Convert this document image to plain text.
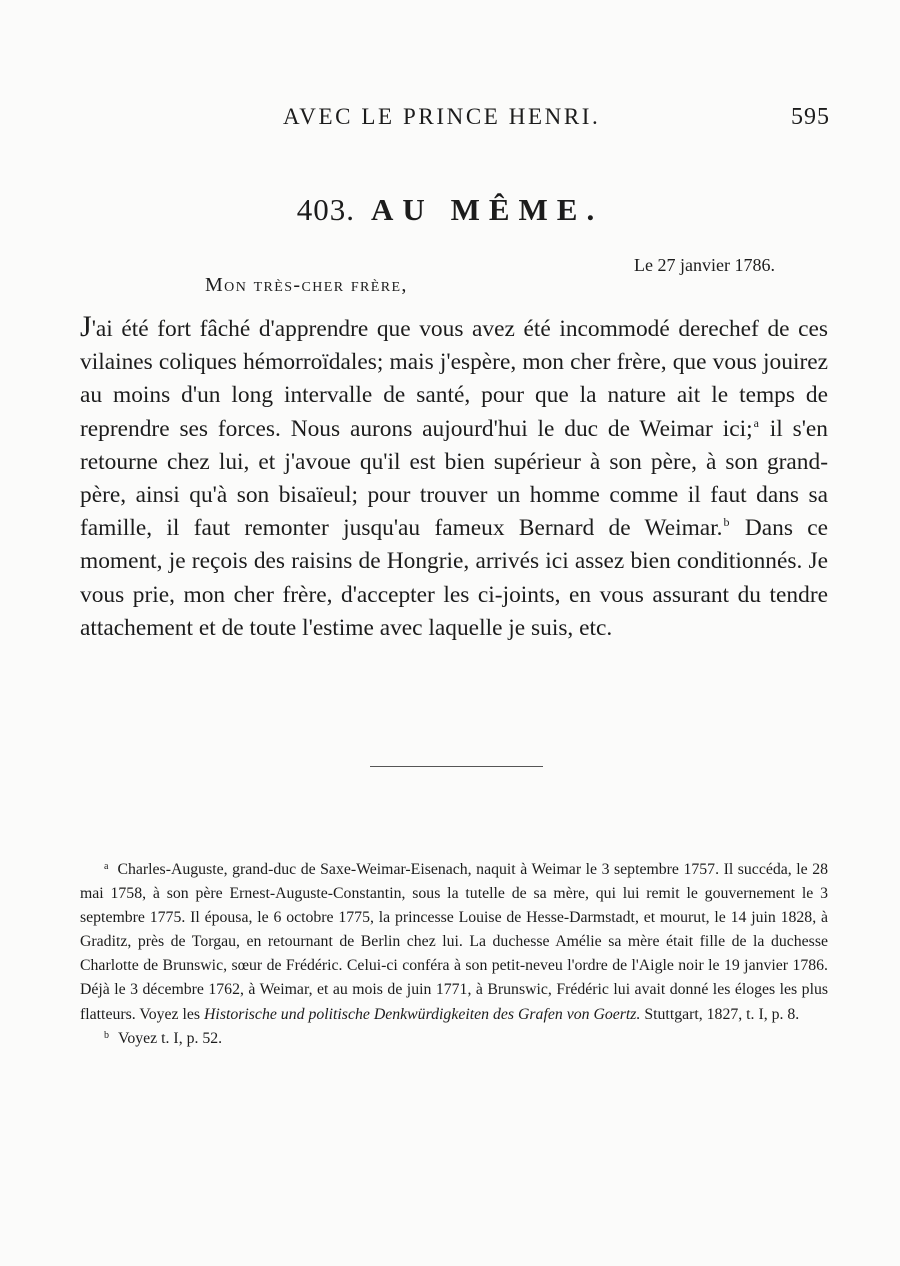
AVEC LE PRINCE HENRI.	595
403. AU MÊME.
Le 27 janvier 1786.
Mon très-cher frère,

J'ai été fort fâché d'apprendre que vous avez été incommodé derechef de ces vilaines coliques hémorroïdales; mais j'espère, mon cher frère, que vous jouirez au moins d'un long intervalle de santé, pour que la nature ait le temps de reprendre ses forces. Nous aurons aujourd'hui le duc de Weimar ici;$^a$ il s'en retourne chez lui, et j'avoue qu'il est bien supérieur à son père, à son grand-père, ainsi qu'à son bisaïeul; pour trouver un homme comme il faut dans sa famille, il faut remonter jusqu'au fameux Bernard de Weimar.$^b$ Dans ce moment, je reçois des raisins de Hongrie, arrivés ici assez bien conditionnés. Je vous prie, mon cher frère, d'accepter les ci-joints, en vous assurant du tendre attachement et de toute l'estime avec laquelle je suis, etc.

$^a$ Charles-Auguste, grand-duc de Saxe-Weimar-Eisenach, naquit à Weimar le 3 septembre 1757. Il succéda, le 28 mai 1758, à son père Ernest-Auguste-Constantin, sous la tutelle de sa mère, qui lui remit le gouvernement le 3 septembre 1775. Il épousa, le 6 octobre 1775, la princesse Louise de Hesse-Darmstadt, et mourut, le 14 juin 1828, à Graditz, près de Torgau, en retournant de Berlin chez lui. La duchesse Amélie sa mère était fille de la duchesse Charlotte de Brunswic, sœur de Frédéric. Celui-ci conféra à son petit-neveu l'ordre de l'Aigle noir le 19 janvier 1786. Déjà le 3 décembre 1762, à Weimar, et au mois de juin 1771, à Brunswic, Frédéric lui avait donné les éloges les plus flatteurs. Voyez les Historische und politische Denkwürdigkeiten des Grafen von Goertz. Stuttgart, 1827, t. I, p. 8.

$^b$ Voyez t. I, p. 52.
